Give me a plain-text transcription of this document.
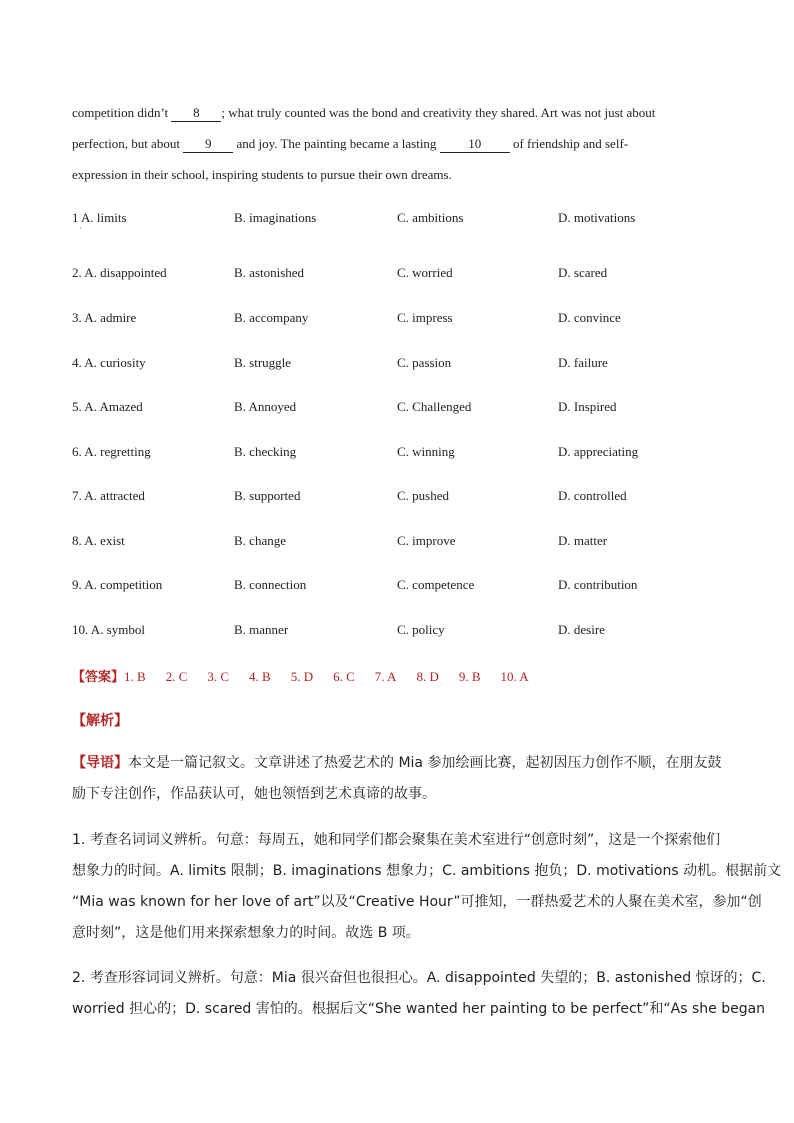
competition didn’t 8 ; what truly counted was the bond and creativity they shared. Art was not just about
perfection, but about 9 and joy. The painting became a lasting 10 of friendship and self-
expression in their school, inspiring students to pursue their own dreams.
1 A. limits	B. imaginations	C. ambitions	D. motivations
˙
2. A. disappointed	B. astonished	C. worried	D. scared
3. A. admire	B. accompany	C. impress	D. convince
4. A. curiosity	B. struggle	C. passion	D. failure
5. A. Amazed	B. Annoyed	C. Challenged	D. Inspired
6. A. regretting	B. checking	C. winning	D. appreciating
7. A. attracted	B. supported	C. pushed	D. controlled
8. A. exist	B. change	C. improve	D. matter
9. A. competition	B. connection	C. competence	D. contribution
10. A. symbol	B. manner	C. policy	D. desire
【答案】1. B 2. C 3. C 4. B 5. D 6. C 7. A 8. D 9. B 10. A
【解析】
【导语】本文是一篇记叙文。文章讲述了热爱艺术的 Mia 参加绘画比赛，起初因压力创作不顺，在朋友鼓
励下专注创作，作品获认可，她也领悟到艺术真谛的故事。
1. 考查名词词义辨析。句意：每周五，她和同学们都会聚集在美术室进行“创意时刻”，这是一个探索他们
想象力的时间。A. limits 限制；B. imaginations 想象力；C. ambitions 抱负；D. motivations 动机。根据前文
“Mia was known for her love of art”以及“Creative Hour”可推知，一群热爱艺术的人聚在美术室，参加“创
意时刻”，这是他们用来探索想象力的时间。故选 B 项。
2. 考查形容词词义辨析。句意：Mia 很兴奋但也很担心。A. disappointed 失望的；B. astonished 惊讶的；C.
worried 担心的；D. scared 害怕的。根据后文“She wanted her painting to be perfect”和“As she began
